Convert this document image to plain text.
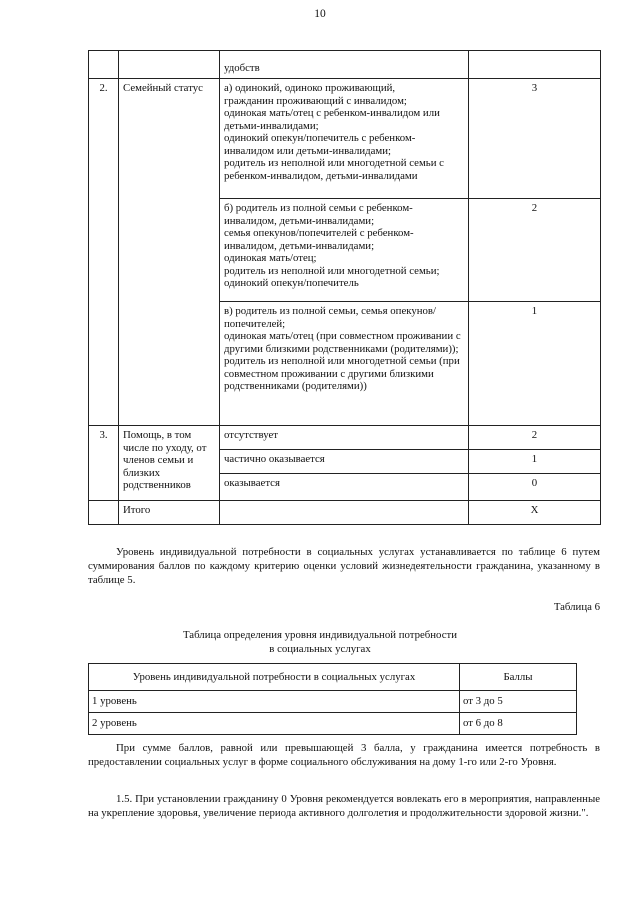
10
		удобств	
2.	Семейный статус	а) одинокий, одиноко проживающий,
гражданин проживающий с инвалидом;
одинокая мать/отец с ребенком-инвалидом или детьми-инвалидами;
одинокий опекун/попечитель с ребенком-инвалидом или детьми-инвалидами;
родитель из неполной или многодетной семьи с ребенком-инвалидом, детьми-инвалидами	3
		б) родитель из полной семьи с ребенком-инвалидом, детьми-инвалидами;
семья опекунов/попечителей с ребенком-инвалидом, детьми-инвалидами;
одинокая мать/отец;
родитель из неполной или многодетной семьи;
одинокий опекун/попечитель	2
		в) родитель из полной семьи, семья опекунов/попечителей;
одинокая мать/отец (при совместном проживании с другими близкими родственниками (родителями));
родитель из неполной или многодетной семьи (при совместном проживании с другими близкими родственниками (родителями))	1
3.	Помощь, в том числе по уходу, от членов семьи и близких родственников	отсутствует	2
		частично оказывается	1
		оказывается	0
	Итого		Х
Уровень индивидуальной потребности в социальных услугах устанавливается по таблице 6 путем суммирования баллов по каждому критерию оценки условий жизнедеятельности гражданина, указанному в таблице 5.
Таблица 6
Таблица определения уровня индивидуальной потребности
в социальных услугах
Уровень индивидуальной потребности в социальных услугах	Баллы
1 уровень	от 3 до 5
2 уровень	от 6 до 8
При сумме баллов, равной или превышающей 3 балла, у гражданина имеется потребность в предоставлении социальных услуг в форме социального обслуживания на дому 1-го или 2-го Уровня.
1.5. При установлении гражданину 0 Уровня рекомендуется вовлекать его в мероприятия, направленные на укрепление здоровья, увеличение периода активного долголетия и продолжительности здоровой жизни.".
